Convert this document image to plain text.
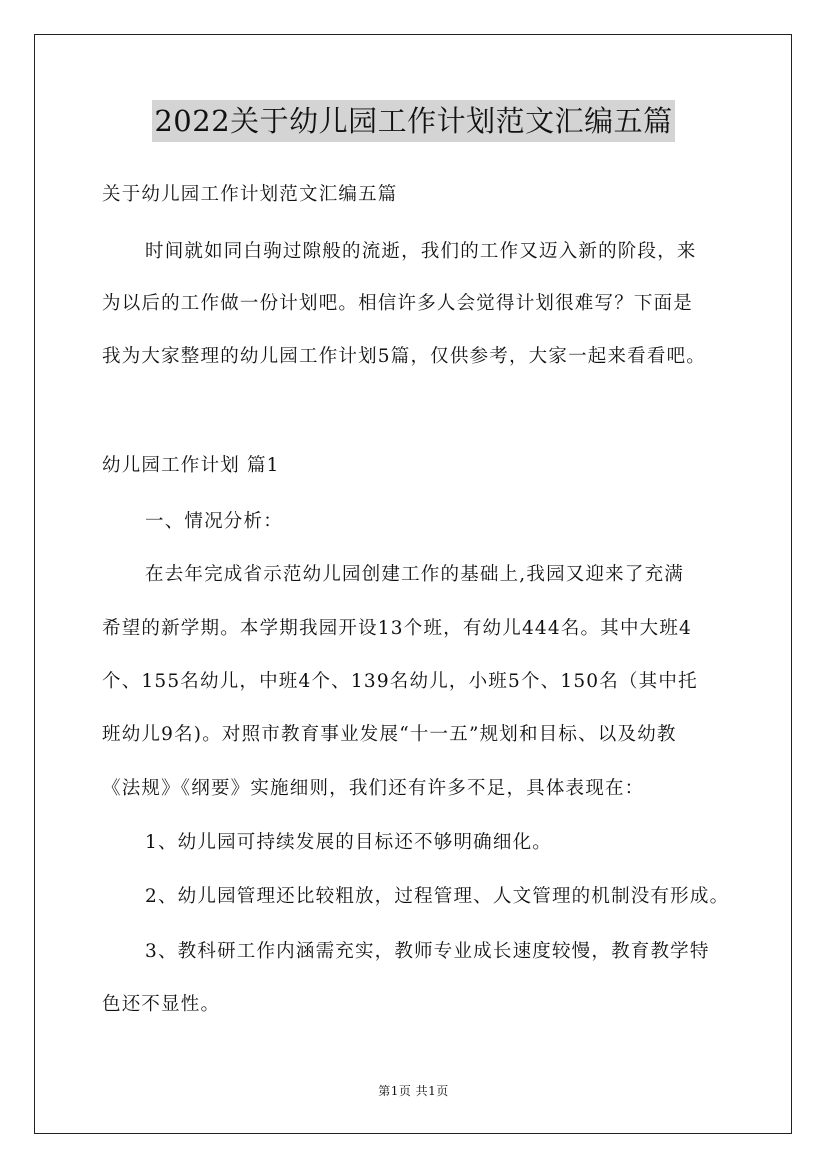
2022关于幼儿园工作计划范文汇编五篇
关于幼儿园工作计划范文汇编五篇
时间就如同白驹过隙般的流逝，我们的工作又迈入新的阶段，来
为以后的工作做一份计划吧。相信许多人会觉得计划很难写？下面是
我为大家整理的幼儿园工作计划5篇，仅供参考，大家一起来看看吧。
幼儿园工作计划 篇1
一、情况分析：
在去年完成省示范幼儿园创建工作的基础上,我园又迎来了充满
希望的新学期。本学期我园开设13个班，有幼儿444名。其中大班4
个、155名幼儿，中班4个、139名幼儿，小班5个、150名（其中托
班幼儿9名)。对照市教育事业发展“十一五”规划和目标、以及幼教
《法规》《纲要》实施细则，我们还有许多不足，具体表现在：
1、幼儿园可持续发展的目标还不够明确细化。
2、幼儿园管理还比较粗放，过程管理、人文管理的机制没有形成。
3、教科研工作内涵需充实，教师专业成长速度较慢，教育教学特
色还不显性。
第1页 共1页
